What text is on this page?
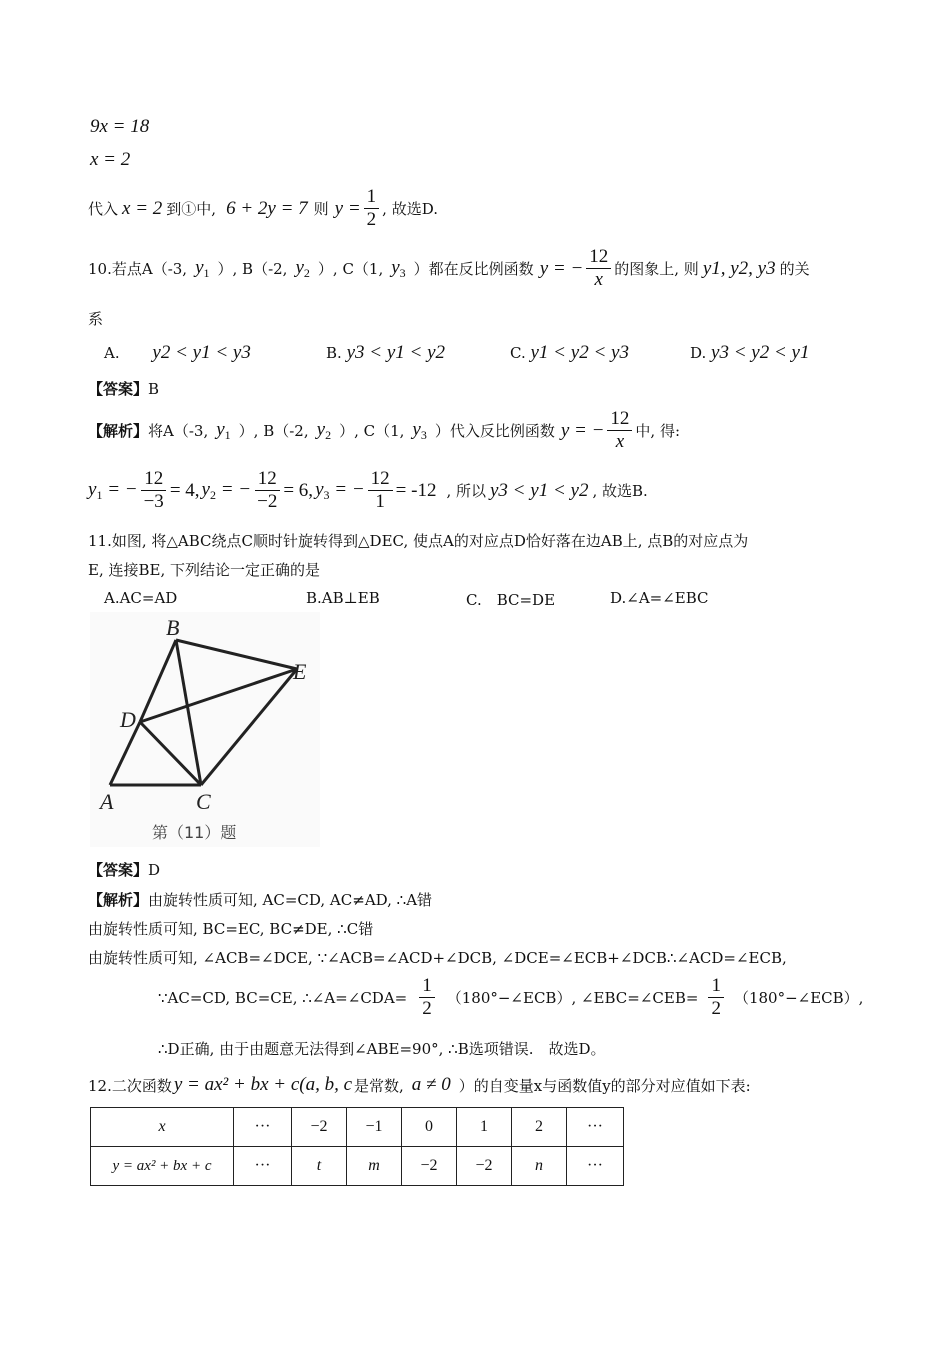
9x = 18
x = 2
代入 x = 2 到①中, 6 + 2y = 7 则 $y = \frac{1}{2}$ , 故选D.
10.若点A（-3, $y_1$ ）, B（-2, $y_2$ ）, C（1, $y_3$ ）都在反比例函数 y = − $\frac{12}{x}$ 的图象上, 则 y1, y2, y3 的关
系
A. y2 < y1 < y3	B. y3 < y1 < y2	C. y1 < y2 < y3	D. y3 < y2 < y1
【答案】B
【解析】 将A（-3, $y_1$ ）, B（-2, $y_2$ ）, C（1, $y_3$ ）代入反比例函数 y = − $\frac{12}{x}$ 中, 得:
$y_1$ = − $\frac{12}{-3} = 4$, $y_2$ = − $\frac{12}{-2} = 6$, $y_3$ = − $\frac{12}{1} = -12$ , 所以 y3 < y1 < y2 , 故选B.
11.如图, 将△ABC绕点C顺时针旋转得到△DEC, 使点A的对应点D恰好落在边AB上, 点B的对应点为
E, 连接BE, 下列结论一定正确的是
A.AC=AD	B.AB⊥EB	C.　BC=DE	D.∠A=∠EBC
B
E
D
A	C
第（11）题
【答案】D
【解析】由旋转性质可知, AC=CD, AC≠AD, ∴A错
由旋转性质可知, BC=EC, BC≠DE, ∴C错
由旋转性质可知, ∠ACB=∠DCE, ∵∠ACB=∠ACD+∠DCB, ∠DCE=∠ECB+∠DCB∴∠ACD=∠ECB,
∵AC=CD, BC=CE, ∴∠A=∠CDA= $\frac{1}{2}$ （180°−∠ECB）, ∠EBC=∠CEB= $\frac{1}{2}$ （180°−∠ECB）,
∴D正确, 由于由题意无法得到∠ABE=90°, ∴B选项错误.　故选D。
12.二次函数 y = ax² + bx + c(a, b, c 是常数, a ≠ 0 ）的自变量x与函数值y的部分对应值如下表:
x	···	−2	−1	0	1	2	···
y = ax² + bx + c	···	t	m	−2	−2	n	···
